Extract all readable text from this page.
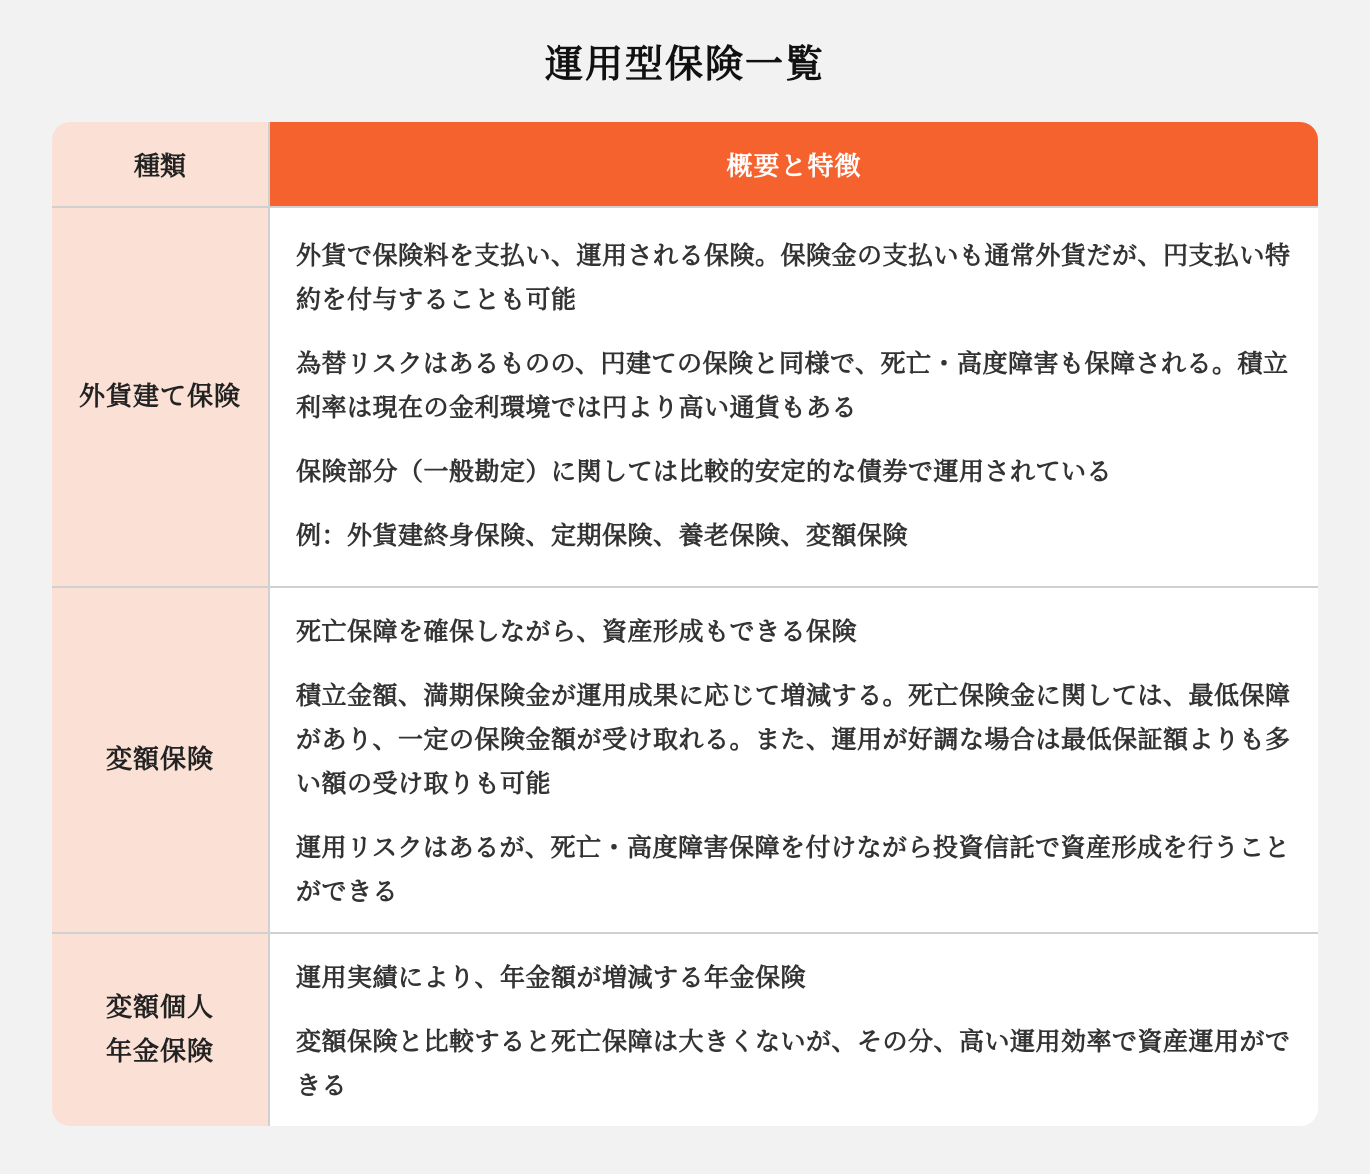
運用型保険一覧
種類	概要と特徴
外貨建て保険

外貨で保険料を支払い、運用される保険。保険金の支払いも通常外貨だが、円支払い特約を付与することも可能

為替リスクはあるものの、円建ての保険と同様で、死亡・高度障害も保障される。積立利率は現在の金利環境では円より高い通貨もある

保険部分（一般勘定）に関しては比較的安定的な債券で運用されている

例：外貨建終身保険、定期保険、養老保険、変額保険

変額保険

死亡保障を確保しながら、資産形成もできる保険

積立金額、満期保険金が運用成果に応じて増減する。死亡保険金に関しては、最低保障があり、一定の保険金額が受け取れる。また、運用が好調な場合は最低保証額よりも多い額の受け取りも可能

運用リスクはあるが、死亡・高度障害保障を付けながら投資信託で資産形成を行うことができる

変額個人
年金保険

運用実績により、年金額が増減する年金保険

変額保険と比較すると死亡保障は大きくないが、その分、高い運用効率で資産運用ができる
